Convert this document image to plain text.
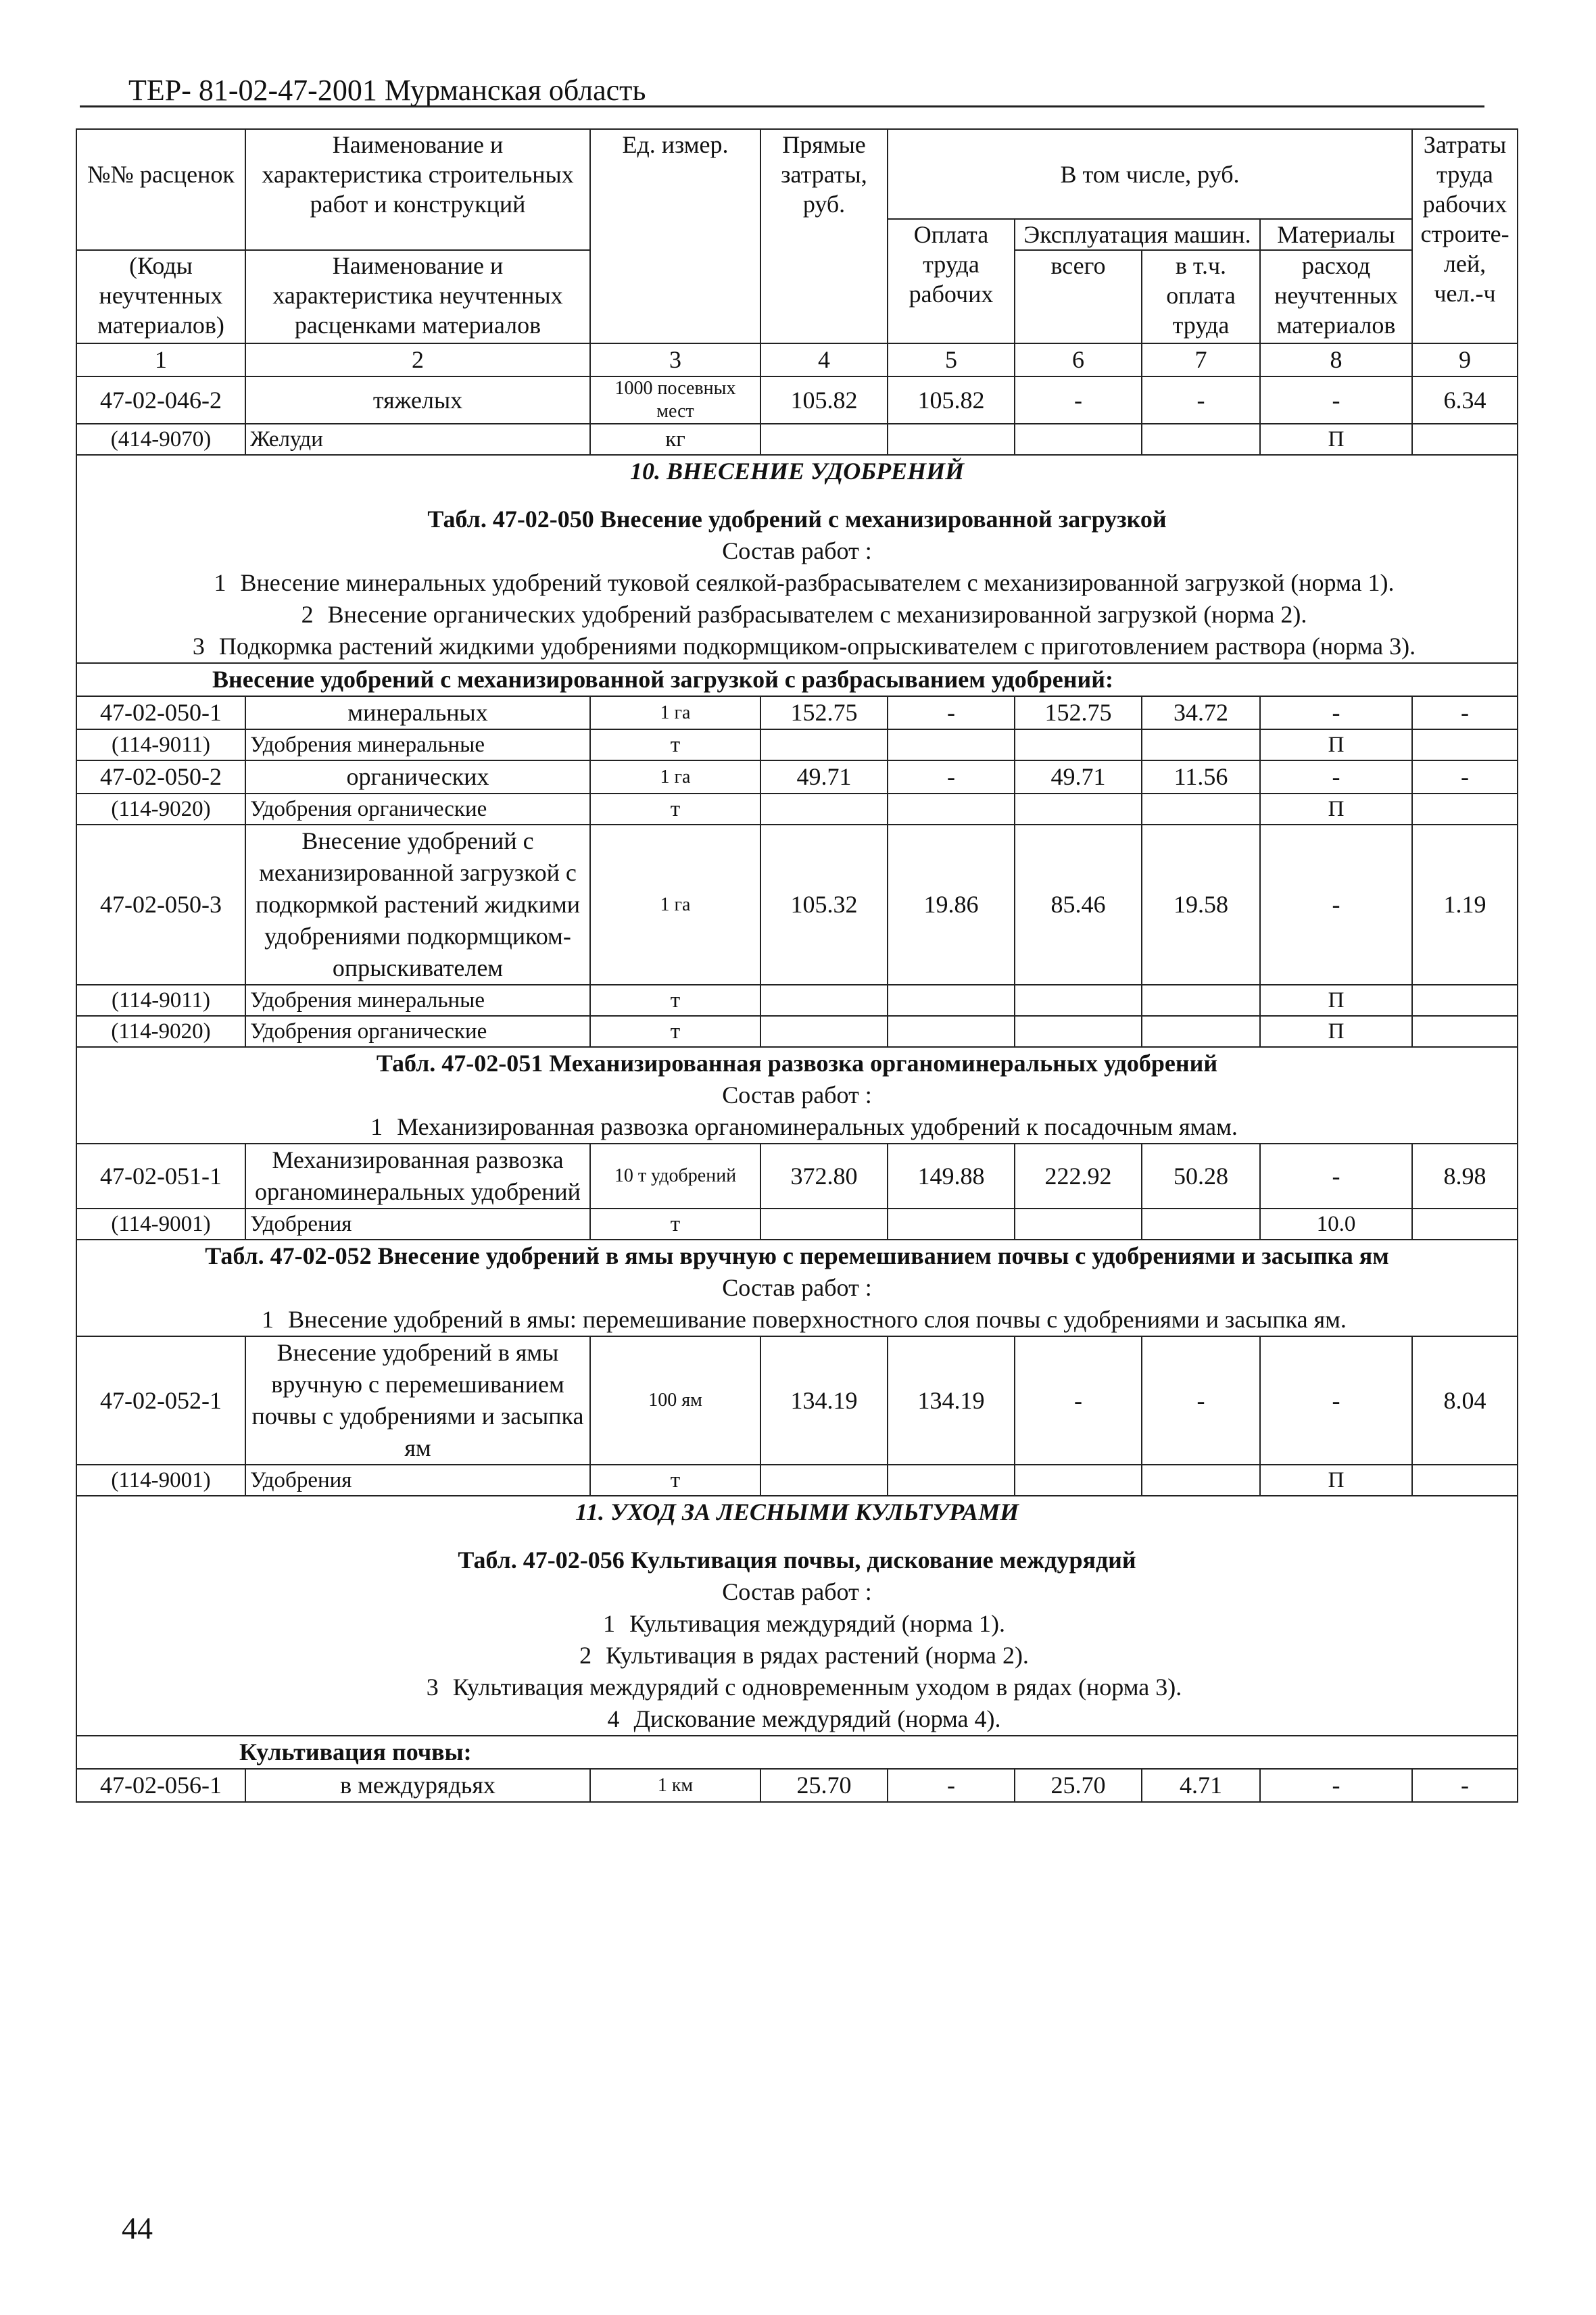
ТЕР- 81-02-47-2001 Мурманская область
№№ расценок	Наименование и характеристика строительных работ и конструкций	Ед. измер.	Прямые затраты, руб.	В том числе, руб.				Затраты труда рабочих строите-лей, чел.-ч
				Оплата труда рабочих	Эксплуатация машин.		Материалы	
(Коды неучтенных материалов)	Наименование и характеристика неучтенных расценками материалов				всего	в т.ч. оплата труда	расход неучтенных материалов	

1	2	3	4	5	6	7	8	9
47-02-046-2	тяжелых	1000 посевных мест	105.82	105.82	-	-	-	6.34
(414-9070)	Желуди	кг					П	
10. ВНЕСЕНИЕ УДОБРЕНИЙ								
Табл. 47-02-050 Внесение удобрений с механизированной загрузкой								
Состав работ :								
1 Внесение минеральных удобрений туковой сеялкой-разбрасывателем с механизированной загрузкой (норма 1).								
2 Внесение органических удобрений разбрасывателем с механизированной загрузкой (норма 2).								
3 Подкормка растений жидкими удобрениями подкормщиком-опрыскивателем с приготовлением раствора (норма 3).								
Внесение удобрений с механизированной загрузкой с разбрасыванием удобрений:								
47-02-050-1	минеральных	1 га	152.75	-	152.75	34.72	-	-
(114-9011)	Удобрения минеральные	т					П	
47-02-050-2	органических	1 га	49.71	-	49.71	11.56	-	-
(114-9020)	Удобрения органические	т					П	
47-02-050-3	Внесение удобрений с механизированной загрузкой с подкормкой растений жидкими удобрениями подкормщиком-опрыскивателем	1 га	105.32	19.86	85.46	19.58	-	1.19
(114-9011)	Удобрения минеральные	т					П	
(114-9020)	Удобрения органические	т					П	
Табл. 47-02-051 Механизированная развозка органоминеральных удобрений								
Состав работ :								
1 Механизированная развозка органоминеральных удобрений к посадочным ямам.								
47-02-051-1	Механизированная развозка органоминеральных удобрений	10 т удобрений	372.80	149.88	222.92	50.28	-	8.98
(114-9001)	Удобрения	т					10.0	
Табл. 47-02-052 Внесение удобрений в ямы вручную с перемешиванием почвы с удобрениями и засыпка ям								
Состав работ :								
1 Внесение удобрений в ямы: перемешивание поверхностного слоя почвы с удобрениями и засыпка ям.								
47-02-052-1	Внесение удобрений в ямы вручную с перемешиванием почвы с удобрениями и засыпка ям	100 ям	134.19	134.19	-	-	-	8.04
(114-9001)	Удобрения	т					П	
11. УХОД ЗА ЛЕСНЫМИ КУЛЬТУРАМИ								
Табл. 47-02-056 Культивация почвы, дискование междурядий								
Состав работ :								
1 Культивация междурядий (норма 1).								
2 Культивация в рядах растений (норма 2).								
3 Культивация междурядий с одновременным уходом в рядах (норма 3).								
4 Дискование междурядий (норма 4).								
Культивация почвы:								
47-02-056-1	в междурядьях	1 км	25.70	-	25.70	4.71	-	-
44
